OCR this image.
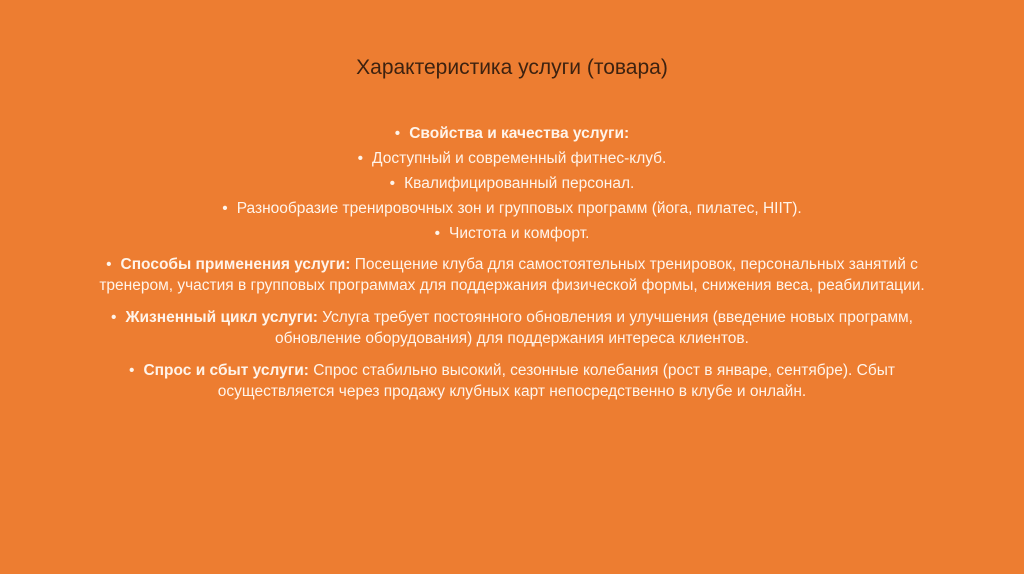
Характеристика услуги (товара)

• Свойства и качества услуги:

• Доступный и современный фитнес-клуб.

• Квалифицированный персонал.

• Разнообразие тренировочных зон и групповых программ (йога, пилатес, HIIT).

• Чистота и комфорт.

• Способы применения услуги: Посещение клуба для самостоятельных тренировок, персональных занятий с тренером, участия в групповых программах для поддержания физической формы, снижения веса, реабилитации.

• Жизненный цикл услуги: Услуга требует постоянного обновления и улучшения (введение новых программ, обновление оборудования) для поддержания интереса клиентов.

• Спрос и сбыт услуги: Спрос стабильно высокий, сезонные колебания (рост в январе, сентябре). Сбыт осуществляется через продажу клубных карт непосредственно в клубе и онлайн.
